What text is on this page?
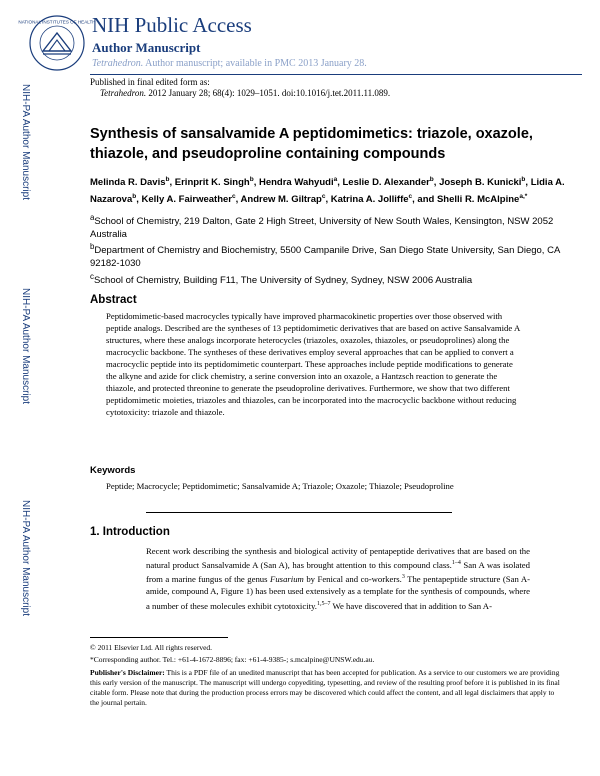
NATIONAL INSTITUTES OF HEALTH
NIH Public Access
Author Manuscript
Tetrahedron. Author manuscript; available in PMC 2013 January 28.
Published in final edited form as:
Tetrahedron. 2012 January 28; 68(4): 1029–1051. doi:10.1016/j.tet.2011.11.089.
NIH-PA Author Manuscript
NIH-PA Author Manuscript
NIH-PA Author Manuscript
Synthesis of sansalvamide A peptidomimetics: triazole, oxazole, thiazole, and pseudoproline containing compounds
Melinda R. Davis$^b$, Erinprit K. Singh$^b$, Hendra Wahyudi$^a$, Leslie D. Alexander$^b$, Joseph B. Kunicki$^b$, Lidia A. Nazarova$^b$, Kelly A. Fairweather$^c$, Andrew M. Giltrap$^c$, Katrina A. Jolliffe$^c$, and Shelli R. McAlpine$^{a,*}$
$^a$School of Chemistry, 219 Dalton, Gate 2 High Street, University of New South Wales, Kensington, NSW 2052 Australia
$^b$Department of Chemistry and Biochemistry, 5500 Campanile Drive, San Diego State University, San Diego, CA 92182-1030
$^c$School of Chemistry, Building F11, The University of Sydney, Sydney, NSW 2006 Australia
Abstract
Peptidomimetic-based macrocycles typically have improved pharmacokinetic properties over those observed with peptide analogs. Described are the syntheses of 13 peptidomimetic derivatives that are based on active Sansalvamide A structures, where these analogs incorporate heterocycles (triazoles, oxazoles, thiazoles, or pseudoprolines) along the macrocyclic backbone. The syntheses of these derivatives employ several approaches that can be applied to convert a macrocyclic peptide into its peptidomimetic counterpart. These approaches include peptide modifications to generate the alkyne and azide for click chemistry, a serine conversion into an oxazole, a Hantzsch reaction to generate the thiazole, and protected threonine to generate the pseudoproline derivatives. Furthermore, we show that two different peptidomimetic moieties, triazoles and thiazoles, can be incorporated into the macrocyclic backbone without reducing cytotoxicity: triazole and thiazole.
Keywords
Peptide; Macrocycle; Peptidomimetic; Sansalvamide A; Triazole; Oxazole; Thiazole; Pseudoproline
1. Introduction
Recent work describing the synthesis and biological activity of pentapeptide derivatives that are based on the natural product Sansalvamide A (San A), has brought attention to this compound class.$^{1-4}$ San A was isolated from a marine fungus of the genus Fusarium by Fenical and co-workers.$^3$ The pentapeptide structure (San A-amide, compound A, Figure 1) has been used extensively as a template for the synthesis of compounds, where a number of these molecules exhibit cytotoxicity.$^{1,5-7}$ We have discovered that in addition to San A-
© 2011 Elsevier Ltd. All rights reserved.
*Corresponding author. Tel.: +61-4-1672-8896; fax: +61-4-9385-; s.mcalpine@UNSW.edu.au.
Publisher's Disclaimer: This is a PDF file of an unedited manuscript that has been accepted for publication. As a service to our customers we are providing this early version of the manuscript. The manuscript will undergo copyediting, typesetting, and review of the resulting proof before it is published in its final citable form. Please note that during the production process errors may be discovered which could affect the content, and all legal disclaimers that apply to the journal pertain.
